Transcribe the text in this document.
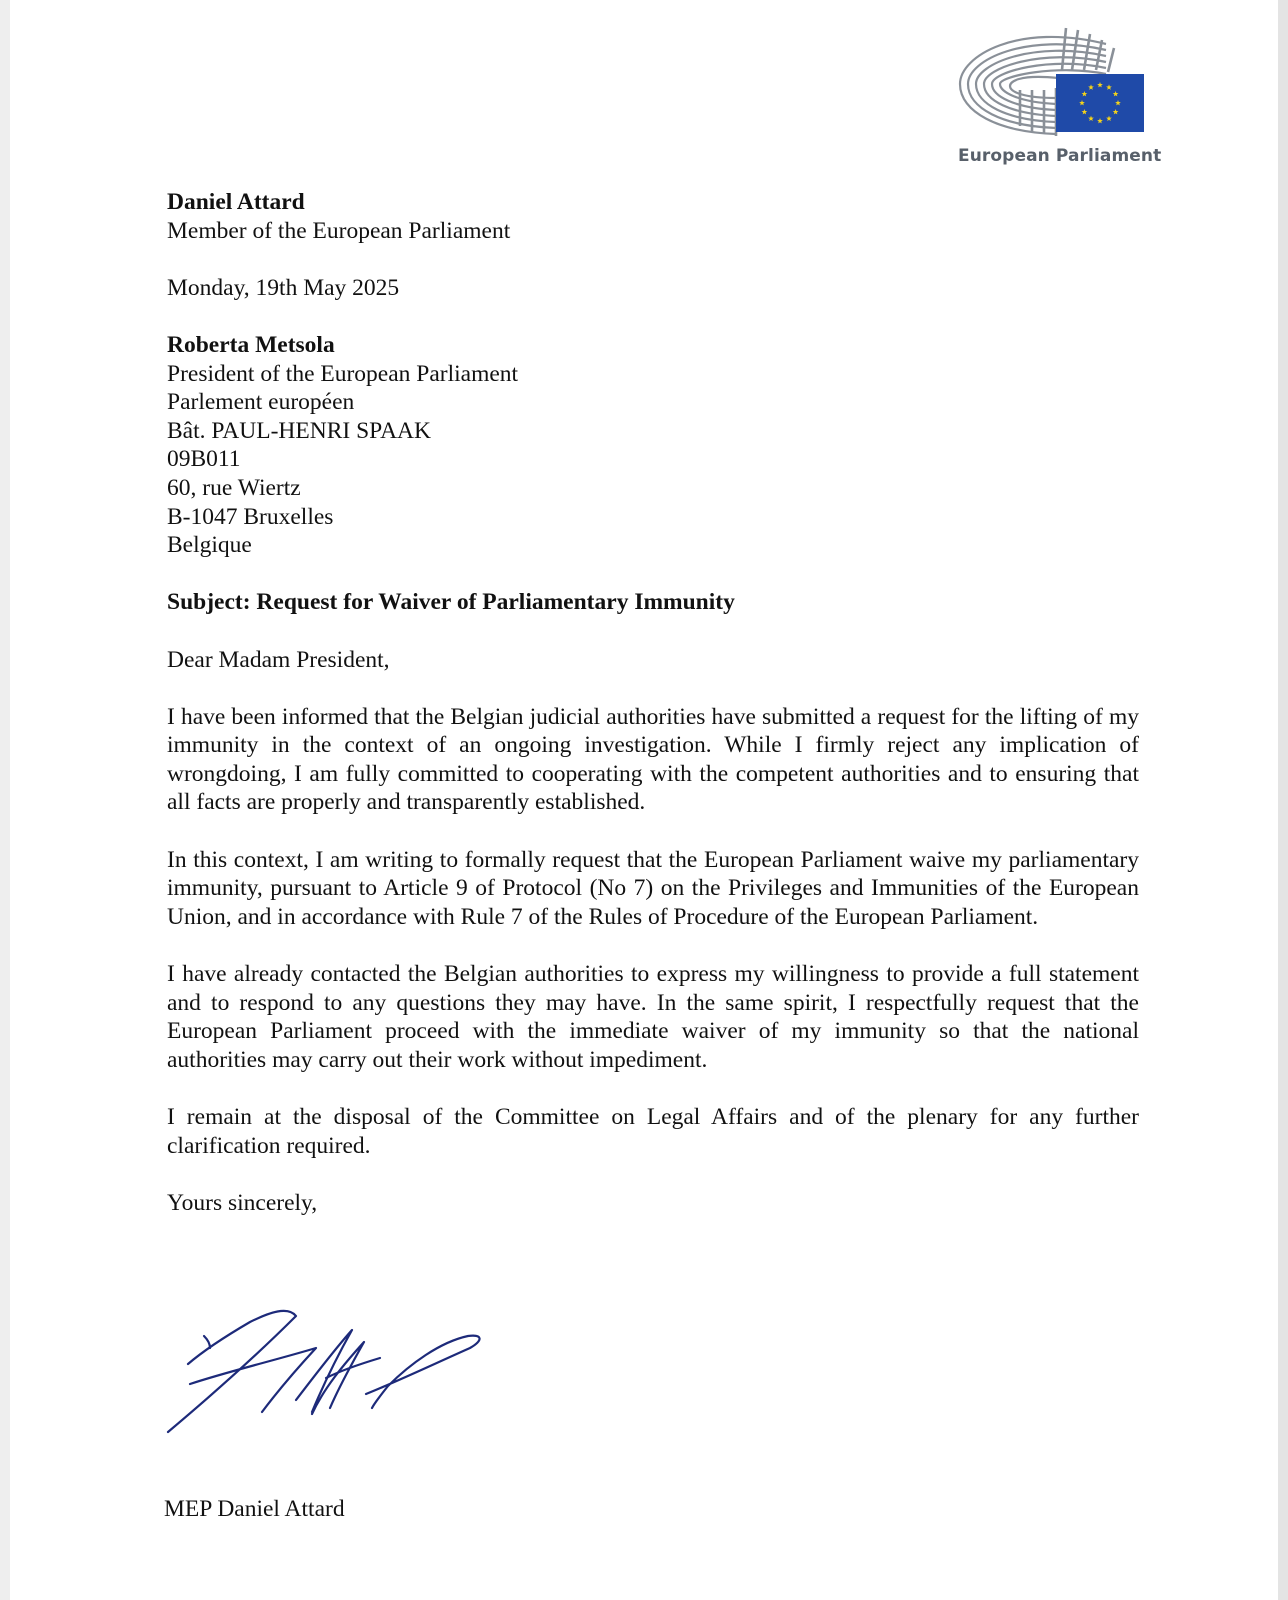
European Parliament
Daniel Attard
Member of the European Parliament
Monday, 19th May 2025
Roberta Metsola
President of the European Parliament
Parlement européen
Bât. PAUL-HENRI SPAAK
09B011
60, rue Wiertz
B-1047 Bruxelles
Belgique
Subject: Request for Waiver of Parliamentary Immunity
Dear Madam President,
I have been informed that the Belgian judicial authorities have submitted a request for the lifting of my immunity in the context of an ongoing investigation. While I firmly reject any implication of wrongdoing, I am fully committed to cooperating with the competent authorities and to ensuring that all facts are properly and transparently established.
In this context, I am writing to formally request that the European Parliament waive my parliamentary immunity, pursuant to Article 9 of Protocol (No 7) on the Privileges and Immunities of the European Union, and in accordance with Rule 7 of the Rules of Procedure of the European Parliament.
I have already contacted the Belgian authorities to express my willingness to provide a full statement and to respond to any questions they may have. In the same spirit, I respectfully request that the European Parliament proceed with the immediate waiver of my immunity so that the national authorities may carry out their work without impediment.
I remain at the disposal of the Committee on Legal Affairs and of the plenary for any further clarification required.
Yours sincerely,
MEP Daniel Attard
